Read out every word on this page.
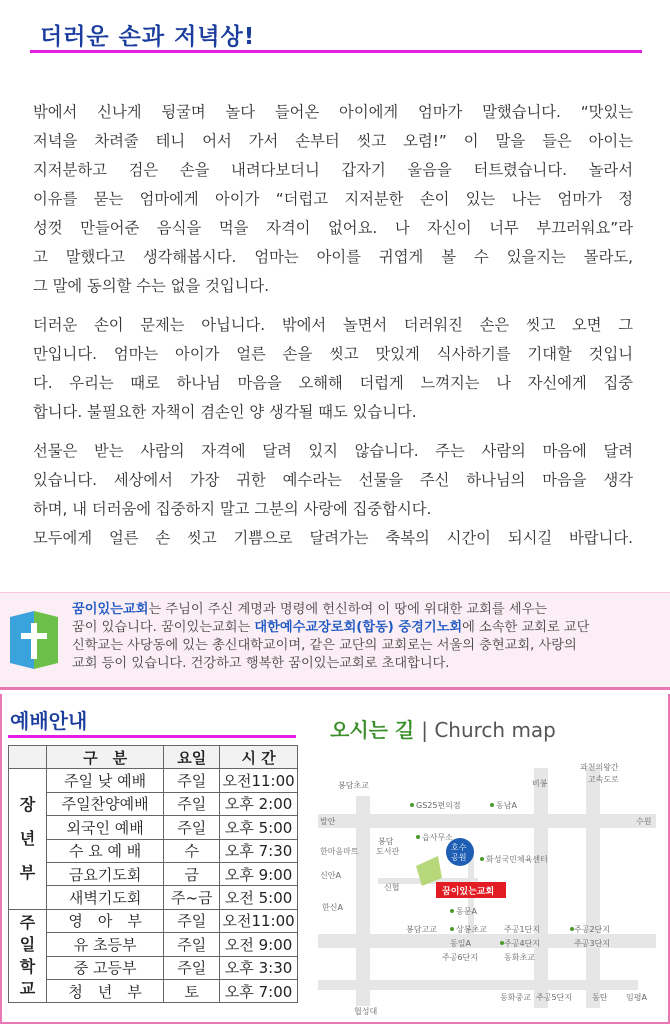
더러운 손과 저녁상!

밖에서 신나게 뒹굴며 놀다 들어온 아이에게 엄마가 말했습니다. “맛있는
저녁을 차려줄 테니 어서 가서 손부터 씻고 오렴!” 이 말을 들은 아이는
지저분하고 검은 손을 내려다보더니 갑자기 울음을 터트렸습니다. 놀라서
이유를 묻는 엄마에게 아이가 “더럽고 지저분한 손이 있는 나는 엄마가 정
성껏 만들어준 음식을 먹을 자격이 없어요. 나 자신이 너무 부끄러워요”라
고 말했다고 생각해봅시다. 엄마는 아이를 귀엽게 볼 수 있을지는 몰라도,
그 말에 동의할 수는 없을 것입니다.

더러운 손이 문제는 아닙니다. 밖에서 놀면서 더러워진 손은 씻고 오면 그
만입니다. 엄마는 아이가 얼른 손을 씻고 맛있게 식사하기를 기대할 것입니
다. 우리는 때로 하나님 마음을 오해해 더럽게 느껴지는 나 자신에게 집중
합니다. 불필요한 자책이 겸손인 양 생각될 때도 있습니다.

선물은 받는 사람의 자격에 달려 있지 않습니다. 주는 사람의 마음에 달려
있습니다. 세상에서 가장 귀한 예수라는 선물을 주신 하나님의 마음을 생각
하며, 내 더러움에 집중하지 말고 그분의 사랑에 집중합시다.
모두에게 얼른 손 씻고 기쁨으로 달려가는 축복의 시간이 되시길 바랍니다.

꿈이있는교회는 주님이 주신 계명과 명령에 헌신하여 이 땅에 위대한 교회를 세우는
꿈이 있습니다. 꿈이있는교회는 대한예수교장로회(합동) 중경기노회에 소속한 교회로 교단
신학교는 사당동에 있는 총신대학교이며, 같은 교단의 교회로는 서울의 충현교회, 사랑의
교회 등이 있습니다. 건강하고 행복한 꿈이있는교회로 초대합니다.
예배안내
	구　분	요일	시 간

장년부	주일 낮 예배	주일	오전11:00
	주일찬양예배	주일	오후 2:00
	외국인 예배	주일	오후 5:00
	수 요 예 배	수	오후 7:30
	금요기도회	금	오후 9:00
	새벽기도회	주~금	오전 5:00

주일학교	영　아　부	주일	오전11:00
	유 초등부	주일	오전 9:00
	중 고등부	주일	오후 3:30
	청　년　부	토	오후 7:00
오시는 길 | Church map
봉담초교	비봉
과천의왕간
고속도로
GS25편의점	동남A
발안	수원
읍사무소
봉담
도서관
한마음마트
화성국민체육센터
신안A
신협
한신A	동문A
봉담고교 상봉초교
동일A
주공6단지
주공1단지
주공4단지
동화초교
주공2단지
주공3단지
협성대
동화중교 주공5단지 동탄 임평A
호수
공원
꿈이있는교회
